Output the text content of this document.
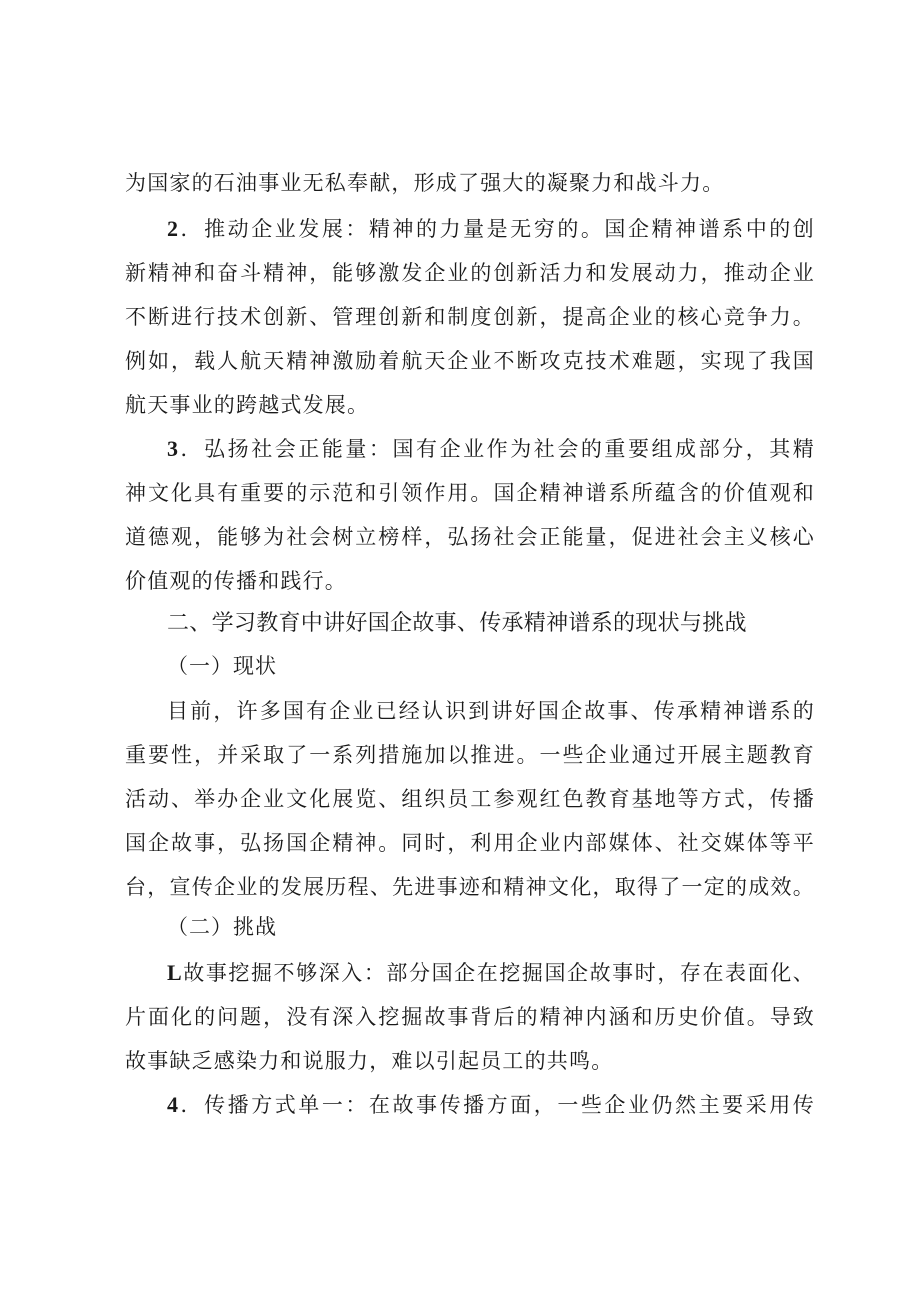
为国家的石油事业无私奉献，形成了强大的凝聚力和战斗力。
2．推动企业发展：精神的力量是无穷的。国企精神谱系中的创
新精神和奋斗精神，能够激发企业的创新活力和发展动力，推动企业
不断进行技术创新、管理创新和制度创新，提高企业的核心竞争力。
例如，载人航天精神激励着航天企业不断攻克技术难题，实现了我国
航天事业的跨越式发展。
3．弘扬社会正能量：国有企业作为社会的重要组成部分，其精
神文化具有重要的示范和引领作用。国企精神谱系所蕴含的价值观和
道德观，能够为社会树立榜样，弘扬社会正能量，促进社会主义核心
价值观的传播和践行。
二、学习教育中讲好国企故事、传承精神谱系的现状与挑战
（一）现状
目前，许多国有企业已经认识到讲好国企故事、传承精神谱系的
重要性，并采取了一系列措施加以推进。一些企业通过开展主题教育
活动、举办企业文化展览、组织员工参观红色教育基地等方式，传播
国企故事，弘扬国企精神。同时，利用企业内部媒体、社交媒体等平
台，宣传企业的发展历程、先进事迹和精神文化，取得了一定的成效。
（二）挑战
L故事挖掘不够深入：部分国企在挖掘国企故事时，存在表面化、
片面化的问题，没有深入挖掘故事背后的精神内涵和历史价值。导致
故事缺乏感染力和说服力，难以引起员工的共鸣。
4．传播方式单一：在故事传播方面，一些企业仍然主要采用传
